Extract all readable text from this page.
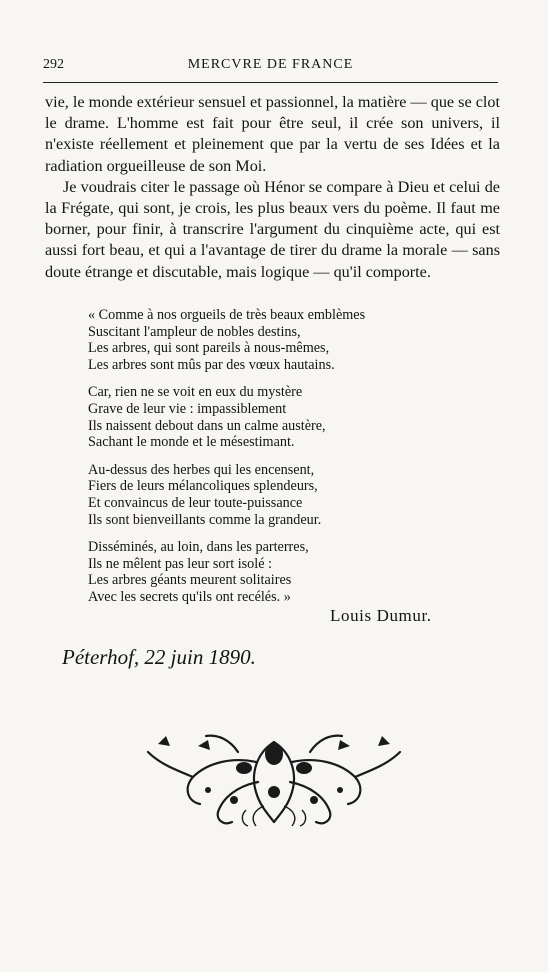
292	MERCVRE DE FRANCE

vie, le monde extérieur sensuel et passionnel, la matière — que se clot le drame. L'homme est fait pour être seul, il crée son univers, il n'existe réellement et pleinement que par la vertu de ses Idées et la radiation orgueilleuse de son Moi.

Je voudrais citer le passage où Hénor se compare à Dieu et celui de la Frégate, qui sont, je crois, les plus beaux vers du poème. Il faut me borner, pour finir, à transcrire l'argument du cinquième acte, qui est aussi fort beau, et qui a l'avantage de tirer du drame la morale — sans doute étrange et discutable, mais logique — qu'il comporte.

« Comme à nos orgueils de très beaux emblèmes
Suscitant l'ampleur de nobles destins,
Les arbres, qui sont pareils à nous-mêmes,
Les arbres sont mûs par des vœux hautains.
Car, rien ne se voit en eux du mystère
Grave de leur vie : impassiblement
Ils naissent debout dans un calme austère,
Sachant le monde et le mésestimant.
Au-dessus des herbes qui les encensent,
Fiers de leurs mélancoliques splendeurs,
Et convaincus de leur toute-puissance
Ils sont bienveillants comme la grandeur.
Disséminés, au loin, dans les parterres,
Ils ne mêlent pas leur sort isolé :
Les arbres géants meurent solitaires
Avec les secrets qu'ils ont recélés. »
Louis Dumur.
Péterhof, 22 juin 1890.
